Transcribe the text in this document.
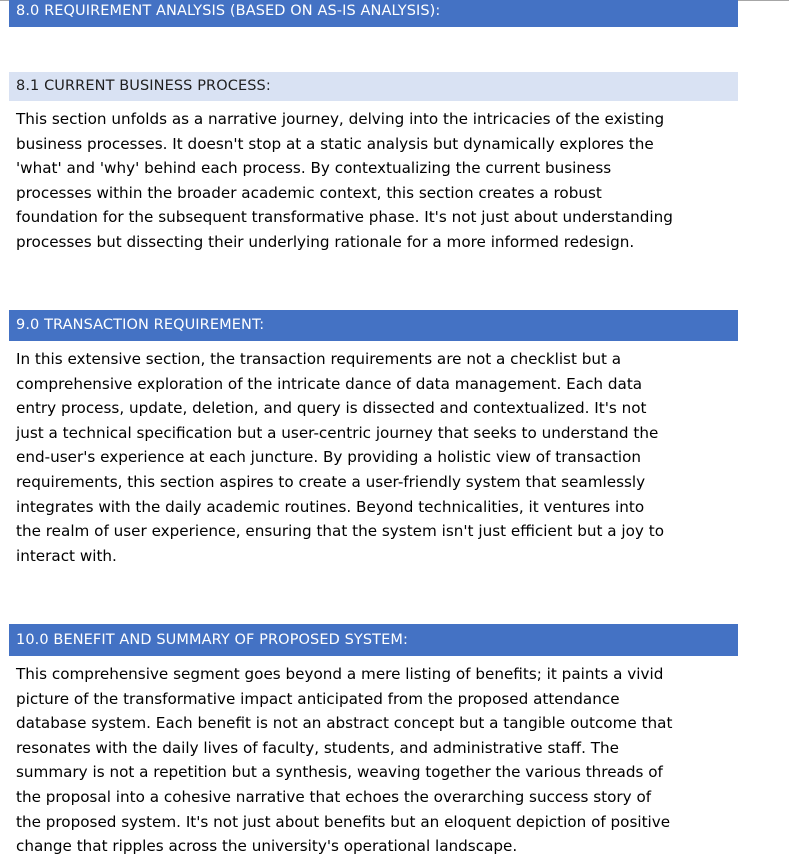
8.0 REQUIREMENT ANALYSIS (BASED ON AS-IS ANALYSIS):
8.1 CURRENT BUSINESS PROCESS:

This section unfolds as a narrative journey, delving into the intricacies of the existing
business processes. It doesn't stop at a static analysis but dynamically explores the
'what' and 'why' behind each process. By contextualizing the current business
processes within the broader academic context, this section creates a robust
foundation for the subsequent transformative phase. It's not just about understanding
processes but dissecting their underlying rationale for a more informed redesign.

9.0 TRANSACTION REQUIREMENT:

In this extensive section, the transaction requirements are not a checklist but a
comprehensive exploration of the intricate dance of data management. Each data
entry process, update, deletion, and query is dissected and contextualized. It's not
just a technical specification but a user-centric journey that seeks to understand the
end-user's experience at each juncture. By providing a holistic view of transaction
requirements, this section aspires to create a user-friendly system that seamlessly
integrates with the daily academic routines. Beyond technicalities, it ventures into
the realm of user experience, ensuring that the system isn't just efficient but a joy to
interact with.

10.0 BENEFIT AND SUMMARY OF PROPOSED SYSTEM:

This comprehensive segment goes beyond a mere listing of benefits; it paints a vivid
picture of the transformative impact anticipated from the proposed attendance
database system. Each benefit is not an abstract concept but a tangible outcome that
resonates with the daily lives of faculty, students, and administrative staff. The
summary is not a repetition but a synthesis, weaving together the various threads of
the proposal into a cohesive narrative that echoes the overarching success story of
the proposed system. It's not just about benefits but an eloquent depiction of positive
change that ripples across the university's operational landscape.
